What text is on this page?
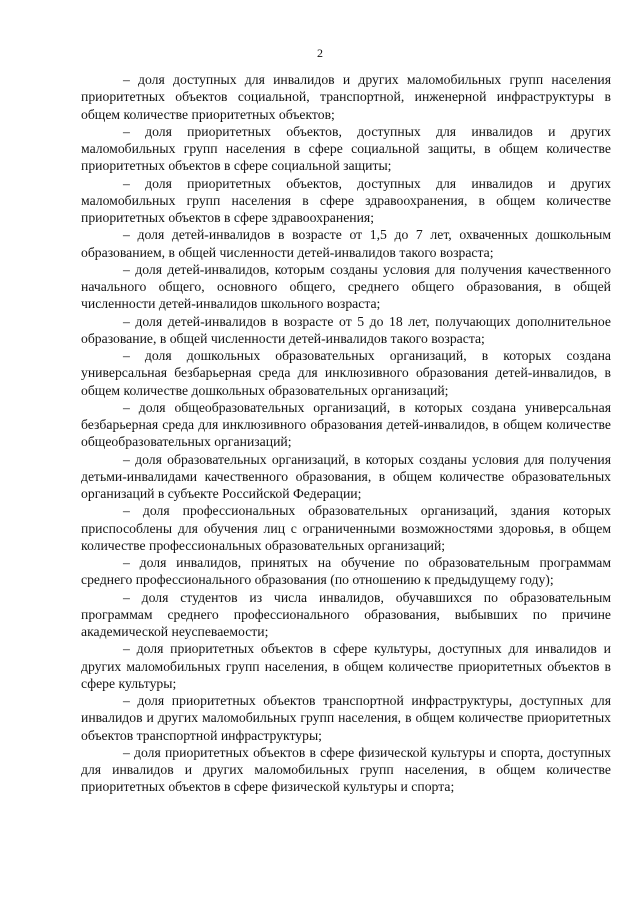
2

– доля доступных для инвалидов и других маломобильных групп населения приоритетных объектов социальной, транспортной, инженерной инфраструктуры в общем количестве приоритетных объектов;

– доля приоритетных объектов, доступных для инвалидов и других маломобильных групп населения в сфере социальной защиты, в общем количестве приоритетных объектов в сфере социальной защиты;

– доля приоритетных объектов, доступных для инвалидов и других маломобильных групп населения в сфере здравоохранения, в общем количестве приоритетных объектов в сфере здравоохранения;

– доля детей-инвалидов в возрасте от 1,5 до 7 лет, охваченных дошкольным образованием, в общей численности детей-инвалидов такого возраста;

– доля детей-инвалидов, которым созданы условия для получения качественного начального общего, основного общего, среднего общего образования, в общей численности детей-инвалидов школьного возраста;

– доля детей-инвалидов в возрасте от 5 до 18 лет, получающих дополнительное образование, в общей численности детей-инвалидов такого возраста;

– доля дошкольных образовательных организаций, в которых создана универсальная безбарьерная среда для инклюзивного образования детей-инвалидов, в общем количестве дошкольных образовательных организаций;

– доля общеобразовательных организаций, в которых создана универсальная безбарьерная среда для инклюзивного образования детей-инвалидов, в общем количестве общеобразовательных организаций;

– доля образовательных организаций, в которых созданы условия для получения детьми-инвалидами качественного образования, в общем количестве образовательных организаций в субъекте Российской Федерации;

– доля профессиональных образовательных организаций, здания которых приспособлены для обучения лиц с ограниченными возможностями здоровья, в общем количестве профессиональных образовательных организаций;

– доля инвалидов, принятых на обучение по образовательным программам среднего профессионального образования (по отношению к предыдущему году);

– доля студентов из числа инвалидов, обучавшихся по образовательным программам среднего профессионального образования, выбывших по причине академической неуспеваемости;

– доля приоритетных объектов в сфере культуры, доступных для инвалидов и других маломобильных групп населения, в общем количестве приоритетных объектов в сфере культуры;

– доля приоритетных объектов транспортной инфраструктуры, доступных для инвалидов и других маломобильных групп населения, в общем количестве приоритетных объектов транспортной инфраструктуры;

– доля приоритетных объектов в сфере физической культуры и спорта, доступных для инвалидов и других маломобильных групп населения, в общем количестве приоритетных объектов в сфере физической культуры и спорта;
